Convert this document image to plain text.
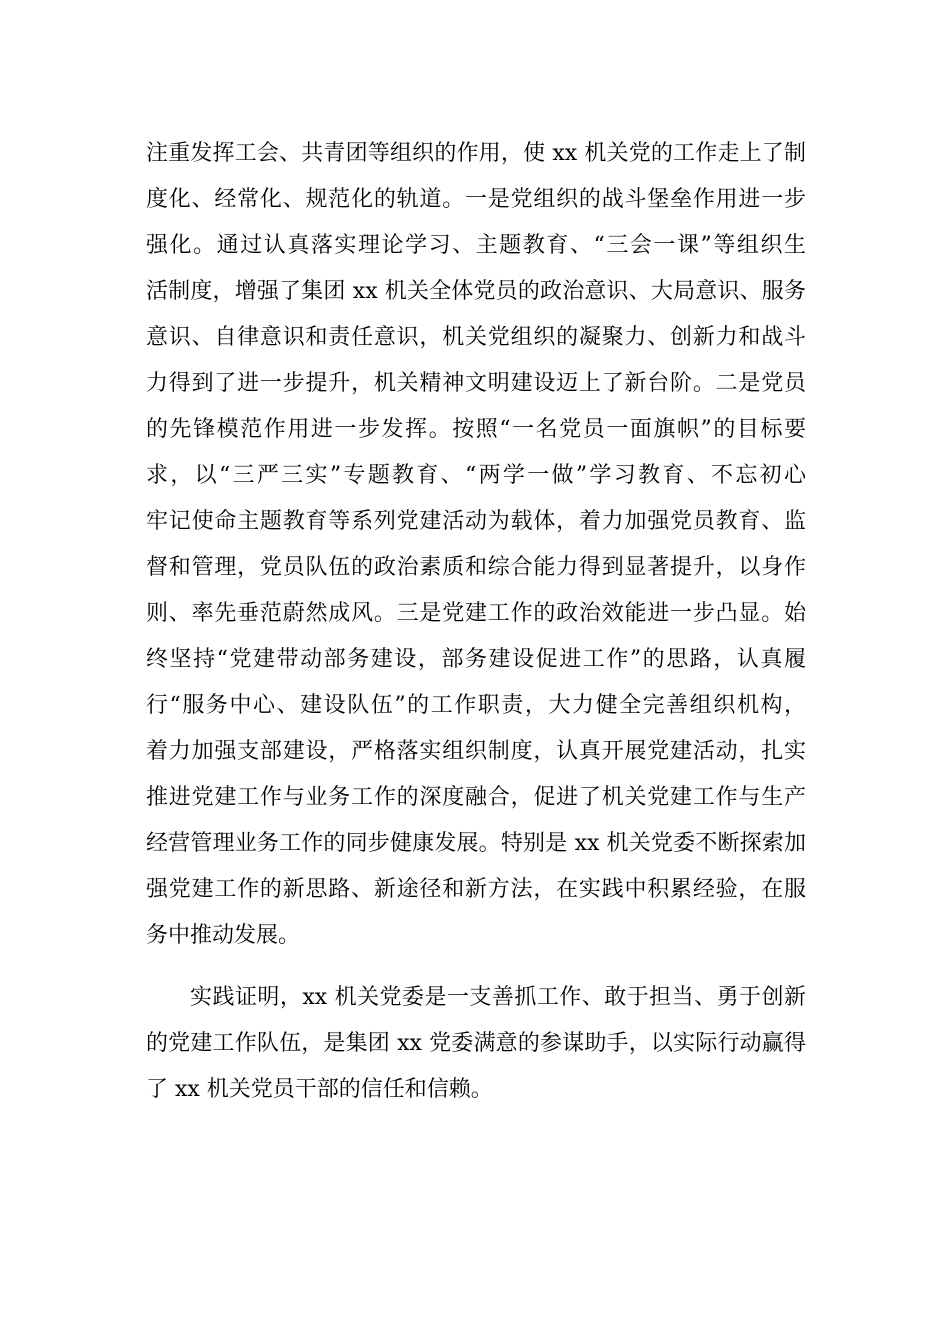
注重发挥工会、共青团等组织的作用，使 xx 机关党的工作走上了制
度化、经常化、规范化的轨道。一是党组织的战斗堡垒作用进一步
强化。通过认真落实理论学习、主题教育、“三会一课”等组织生
活制度，增强了集团 xx 机关全体党员的政治意识、大局意识、服务
意识、自律意识和责任意识，机关党组织的凝聚力、创新力和战斗
力得到了进一步提升，机关精神文明建设迈上了新台阶。二是党员
的先锋模范作用进一步发挥。按照“一名党员一面旗帜”的目标要
求，以“三严三实”专题教育、“两学一做”学习教育、不忘初心
牢记使命主题教育等系列党建活动为载体，着力加强党员教育、监
督和管理，党员队伍的政治素质和综合能力得到显著提升，以身作
则、率先垂范蔚然成风。三是党建工作的政治效能进一步凸显。始
终坚持“党建带动部务建设，部务建设促进工作”的思路，认真履
行“服务中心、建设队伍”的工作职责，大力健全完善组织机构，
着力加强支部建设，严格落实组织制度，认真开展党建活动，扎实
推进党建工作与业务工作的深度融合，促进了机关党建工作与生产
经营管理业务工作的同步健康发展。特别是 xx 机关党委不断探索加
强党建工作的新思路、新途径和新方法，在实践中积累经验，在服
务中推动发展。
实践证明，xx 机关党委是一支善抓工作、敢于担当、勇于创新
的党建工作队伍，是集团 xx 党委满意的参谋助手，以实际行动赢得
了 xx 机关党员干部的信任和信赖。
